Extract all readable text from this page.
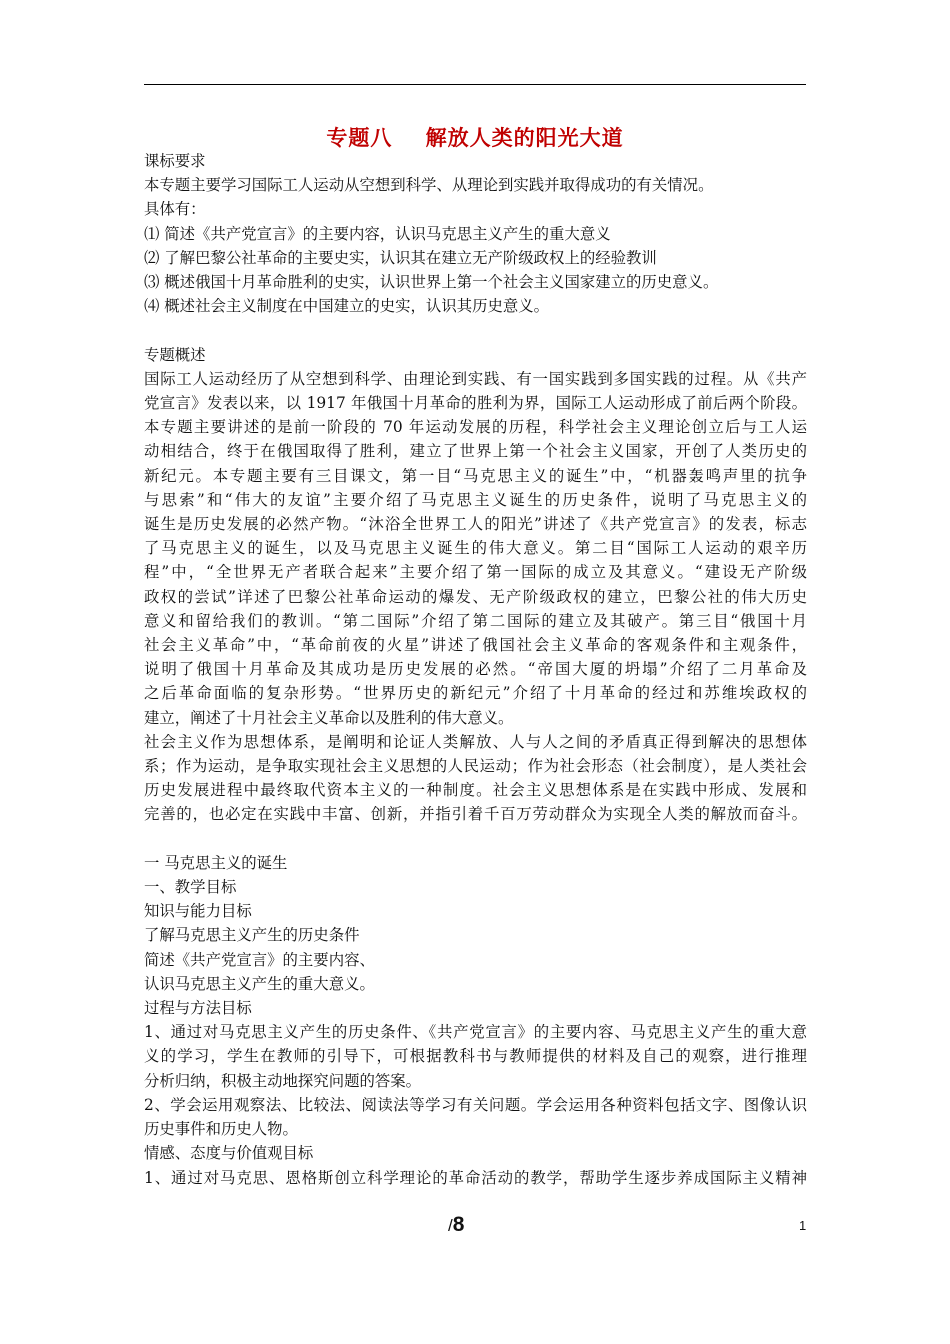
专题八    解放人类的阳光大道
课标要求
本专题主要学习国际工人运动从空想到科学、从理论到实践并取得成功的有关情况。
具体有：
⑴ 简述《共产党宣言》的主要内容，认识马克思主义产生的重大意义
⑵ 了解巴黎公社革命的主要史实，认识其在建立无产阶级政权上的经验教训
⑶ 概述俄国十月革命胜利的史实，认识世界上第一个社会主义国家建立的历史意义。
⑷ 概述社会主义制度在中国建立的史实，认识其历史意义。
专题概述
国际工人运动经历了从空想到科学、由理论到实践、有一国实践到多国实践的过程。从《共产
党宣言》发表以来，以 1917 年俄国十月革命的胜利为界，国际工人运动形成了前后两个阶段。
本专题主要讲述的是前一阶段的 70 年运动发展的历程，科学社会主义理论创立后与工人运
动相结合，终于在俄国取得了胜利，建立了世界上第一个社会主义国家，开创了人类历史的
新纪元。本专题主要有三目课文，第一目“马克思主义的诞生”中，“机器轰鸣声里的抗争
与思索”和“伟大的友谊”主要介绍了马克思主义诞生的历史条件，说明了马克思主义的
诞生是历史发展的必然产物。“沐浴全世界工人的阳光”讲述了《共产党宣言》的发表，标志
了马克思主义的诞生，以及马克思主义诞生的伟大意义。第二目“国际工人运动的艰辛历
程”中，“全世界无产者联合起来”主要介绍了第一国际的成立及其意义。“建设无产阶级
政权的尝试”详述了巴黎公社革命运动的爆发、无产阶级政权的建立，巴黎公社的伟大历史
意义和留给我们的教训。“第二国际”介绍了第二国际的建立及其破产。第三目“俄国十月
社会主义革命”中，“革命前夜的火星”讲述了俄国社会主义革命的客观条件和主观条件，
说明了俄国十月革命及其成功是历史发展的必然。“帝国大厦的坍塌”介绍了二月革命及
之后革命面临的复杂形势。“世界历史的新纪元”介绍了十月革命的经过和苏维埃政权的
建立，阐述了十月社会主义革命以及胜利的伟大意义。
社会主义作为思想体系，是阐明和论证人类解放、人与人之间的矛盾真正得到解决的思想体
系；作为运动，是争取实现社会主义思想的人民运动；作为社会形态（社会制度），是人类社会
历史发展进程中最终取代资本主义的一种制度。社会主义思想体系是在实践中形成、发展和
完善的，也必定在实践中丰富、创新，并指引着千百万劳动群众为实现全人类的解放而奋斗。
一 马克思主义的诞生
一、教学目标
知识与能力目标
了解马克思主义产生的历史条件
简述《共产党宣言》的主要内容、
认识马克思主义产生的重大意义。
过程与方法目标
1、通过对马克思主义产生的历史条件、《共产党宣言》的主要内容、马克思主义产生的重大意
义的学习，学生在教师的引导下，可根据教科书与教师提供的材料及自己的观察，进行推理
分析归纳，积极主动地探究问题的答案。
2、学会运用观察法、比较法、阅读法等学习有关问题。学会运用各种资料包括文字、图像认识
历史事件和历史人物。
情感、态度与价值观目标
1、通过对马克思、恩格斯创立科学理论的革命活动的教学，帮助学生逐步养成国际主义精神
/8	1
